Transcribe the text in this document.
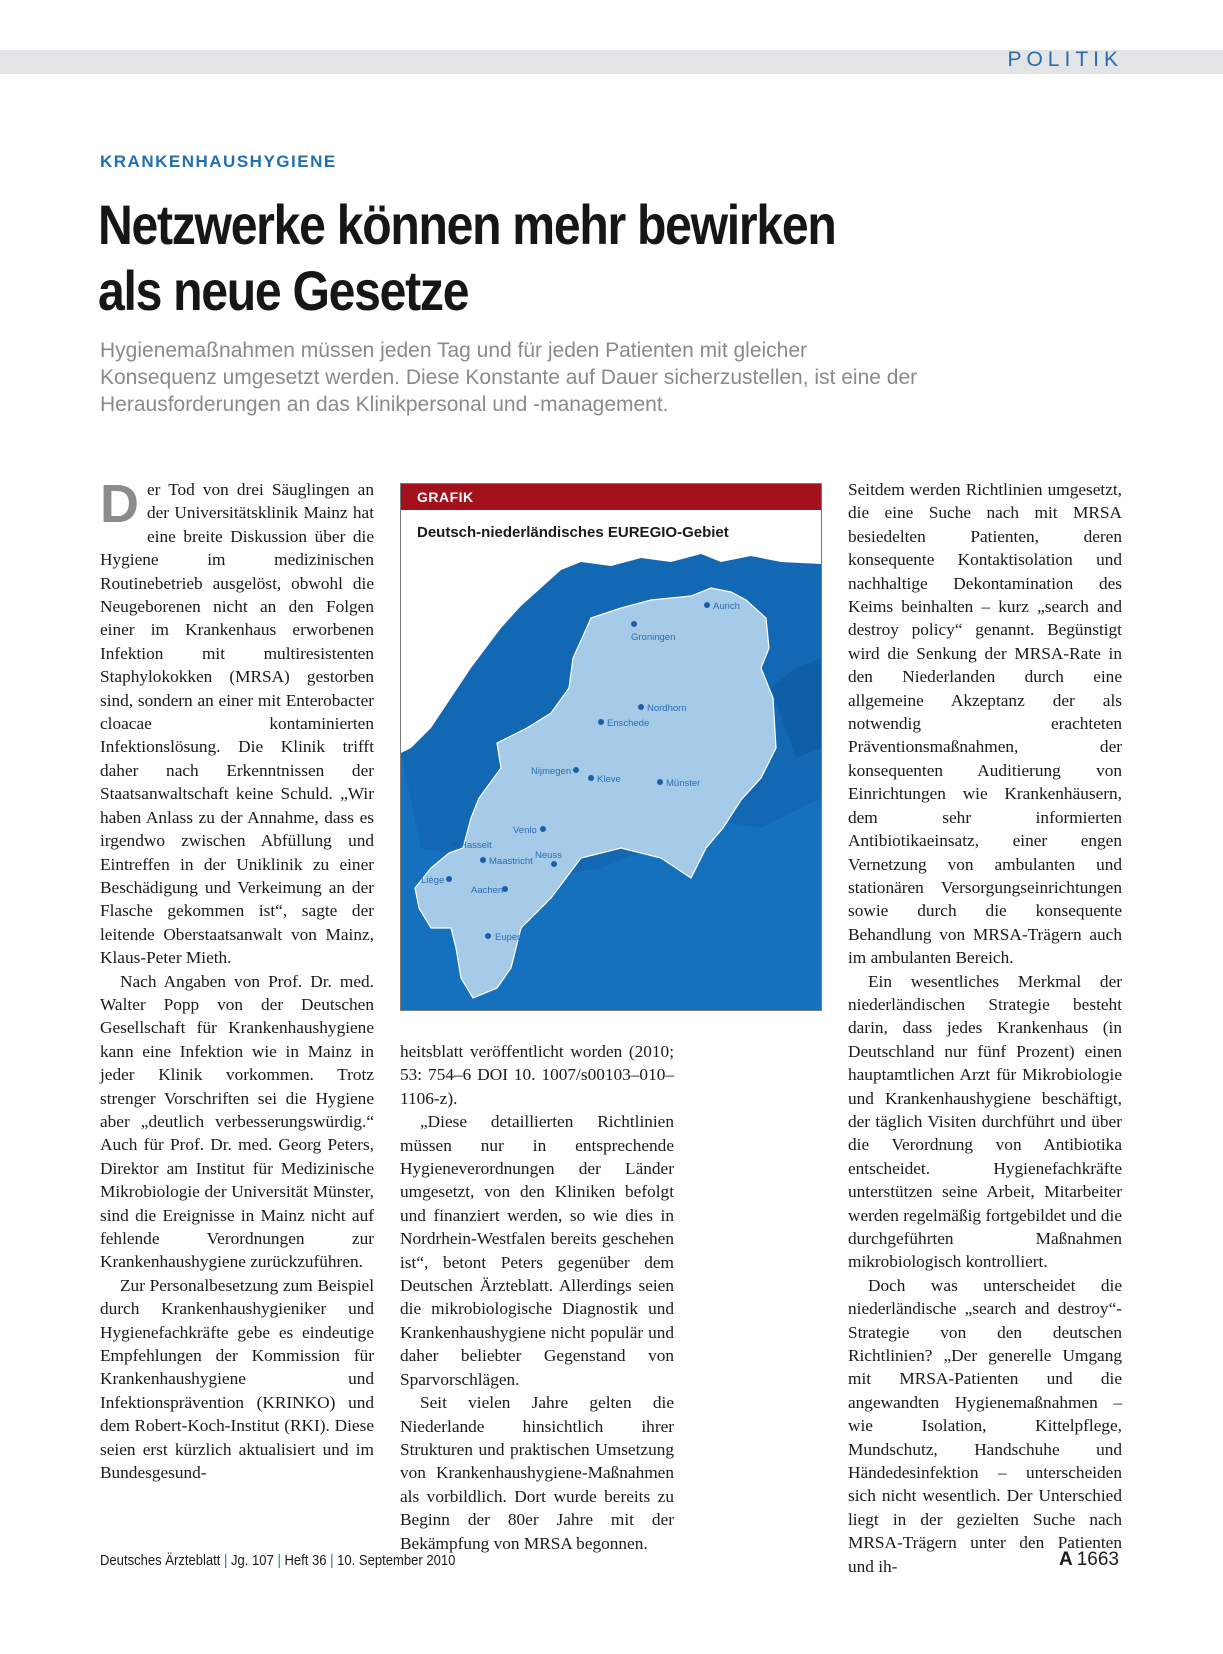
POLITIK
KRANKENHAUSHYGIENE
Netzwerke können mehr bewirken
als neue Gesetze

Hygienemaßnahmen müssen jeden Tag und für jeden Patienten mit gleicher Konsequenz umgesetzt werden. Diese Konstante auf Dauer sicherzustellen, ist eine der Herausforderungen an das Klinikpersonal und -management.

Der Tod von drei Säuglingen an der Universitätsklinik Mainz hat eine breite Diskussion über die Hygiene im medizinischen Routinebetrieb ausgelöst, obwohl die Neugeborenen nicht an den Folgen einer im Krankenhaus erworbenen Infektion mit multiresistenten Staphylokokken (MRSA) gestorben sind, sondern an einer mit Enterobacter cloacae kontaminierten Infektionslösung. Die Klinik trifft daher nach Erkenntnissen der Staatsanwaltschaft keine Schuld. „Wir haben Anlass zu der Annahme, dass es irgendwo zwischen Abfüllung und Eintreffen in der Uniklinik zu einer Beschädigung und Verkeimung an der Flasche gekommen ist“, sagte der leitende Oberstaatsanwalt von Mainz, Klaus-Peter Mieth.

Nach Angaben von Prof. Dr. med. Walter Popp von der Deutschen Gesellschaft für Krankenhaushygiene kann eine Infektion wie in Mainz in jeder Klinik vorkommen. Trotz strenger Vorschriften sei die Hygiene aber „deutlich verbesserungswürdig.“ Auch für Prof. Dr. med. Georg Peters, Direktor am Institut für Medizinische Mikrobiologie der Universität Münster, sind die Ereignisse in Mainz nicht auf fehlende Verordnungen zur Krankenhaushygiene zurückzuführen.

Zur Personalbesetzung zum Beispiel durch Krankenhaushygieniker und Hygienefachkräfte gebe es eindeutige Empfehlungen der Kommission für Krankenhaushygiene und Infektionsprävention (KRINKO) und dem Robert-Koch-Institut (RKI). Diese seien erst kürzlich aktualisiert und im Bundesgesund-

GRAFIK
Deutsch-niederländisches EUREGIO-Gebiet
Aurich
Groningen
Nordhorn
Enschede
Nijmegen
Kleve	Münster
Venlo
Hasselt
Neuss
Maastricht
Liège
Aachen
Eupen

heitsblatt veröffentlicht worden (2010; 53: 754–6 DOI 10. 1007/s00103–010–1106-z).

„Diese detaillierten Richtlinien müssen nur in entsprechende Hygieneverordnungen der Länder umgesetzt, von den Kliniken befolgt und finanziert werden, so wie dies in Nordrhein-Westfalen bereits geschehen ist“, betont Peters gegenüber dem Deutschen Ärzteblatt. Allerdings seien die mikrobiologische Diagnostik und Krankenhaushygiene nicht populär und daher beliebter Gegenstand von Sparvorschlägen.

Seit vielen Jahre gelten die Niederlande hinsichtlich ihrer Strukturen und praktischen Umsetzung von Krankenhaushygiene-Maßnahmen als vorbildlich. Dort wurde bereits zu Beginn der 80er Jahre mit der Bekämpfung von MRSA begonnen.

Seitdem werden Richtlinien umgesetzt, die eine Suche nach mit MRSA besiedelten Patienten, deren konsequente Kontaktisolation und nachhaltige Dekontamination des Keims beinhalten – kurz „search and destroy policy“ genannt. Begünstigt wird die Senkung der MRSA-Rate in den Niederlanden durch eine allgemeine Akzeptanz der als notwendig erachteten Präventionsmaßnahmen, der konsequenten Auditierung von Einrichtungen wie Krankenhäusern, dem sehr informierten Antibiotikaeinsatz, einer engen Vernetzung von ambulanten und stationären Versorgungseinrichtungen sowie durch die konsequente Behandlung von MRSA-Trägern auch im ambulanten Bereich.

Ein wesentliches Merkmal der niederländischen Strategie besteht darin, dass jedes Krankenhaus (in Deutschland nur fünf Prozent) einen hauptamtlichen Arzt für Mikrobiologie und Krankenhaushygiene beschäftigt, der täglich Visiten durchführt und über die Verordnung von Antibiotika entscheidet. Hygienefachkräfte unterstützen seine Arbeit, Mitarbeiter werden regelmäßig fortgebildet und die durchgeführten Maßnahmen mikrobiologisch kontrolliert.

Doch was unterscheidet die niederländische „search and destroy“-Strategie von den deutschen Richtlinien? „Der generelle Umgang mit MRSA-Patienten und die angewandten Hygienemaßnahmen – wie Isolation, Kittelpflege, Mundschutz, Handschuhe und Händedesinfektion – unterscheiden sich nicht wesentlich. Der Unterschied liegt in der gezielten Suche nach MRSA-Trägern unter den Patienten und ih-

Deutsches Ärzteblatt | Jg. 107 | Heft 36 | 10. September 2010	A 1663
